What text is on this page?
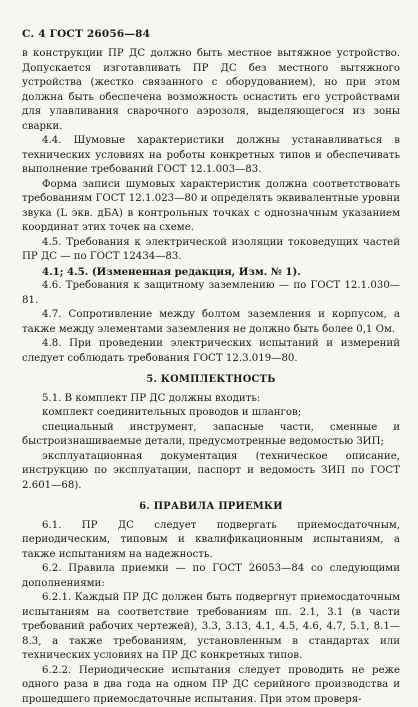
С. 4 ГОСТ 26056—84

в конструкции ПР ДС должно быть местное вытяжное устройство. Допускается изготавливать ПР ДС без местного вытяжного устройства (жестко связанного с оборудованием), но при этом должна быть обеспечена возможность оснастить его устройствами для улавливания сварочного аэрозоля, выделяющегося из зоны сварки.

4.4. Шумовые характеристики должны устанавливаться в технических условиях на роботы конкретных типов и обеспечивать выполнение требований ГОСТ 12.1.003—83.

Форма записи шумовых характеристик должна соответствовать требованиям ГОСТ 12.1.023—80 и определять эквивалентные уровни звука (L экв. дБА) в контрольных точках с однозначным указанием координат этих точек на схеме.

4.5. Требования к электрической изоляции токоведущих частей ПР ДС — по ГОСТ 12434—83.

4.1; 4.5. (Измененная редакция, Изм. № 1).

4.6. Требования к защитному заземлению — по ГОСТ 12.1.030—81.

4.7. Сопротивление между болтом заземления и корпусом, а также между элементами заземления не должно быть более 0,1 Ом.

4.8. При проведении электрических испытаний и измерений следует соблюдать требования ГОСТ 12.3.019—80.

5. КОМПЛЕКТНОСТЬ

5.1. В комплект ПР ДС должны входить:

комплект соединительных проводов и шлангов;

специальный инструмент, запасные части, сменные и быстроизнашиваемые детали, предусмотренные ведомостью ЗИП;

эксплуатационная документация (техническое описание, инструкцию по эксплуатации, паспорт и ведомость ЗИП по ГОСТ 2.601—68).

6. ПРАВИЛА ПРИЕМКИ

6.1. ПР ДС следует подвергать приемосдаточным, периодическим, типовым и квалификационным испытаниям, а также испытаниям на надежность.

6.2. Правила приемки — по ГОСТ 26053—84 со следующими дополнениями:

6.2.1. Каждый ПР ДС должен быть подвергнут приемосдаточным испытаниям на соответствие требованиям пп. 2.1, 3.1 (в части требований рабочих чертежей), 3.3, 3.13, 4.1, 4.5, 4.6, 4.7, 5.1, 8.1—8.3, а также требованиям, установленным в стандартах или технических условиях на ПР ДС конкретных типов.

6.2.2. Периодические испытания следует проводить не реже одного раза в два года на одном ПР ДС серийного производства и прошедшего приемосдаточные испытания. При этом проверя-
